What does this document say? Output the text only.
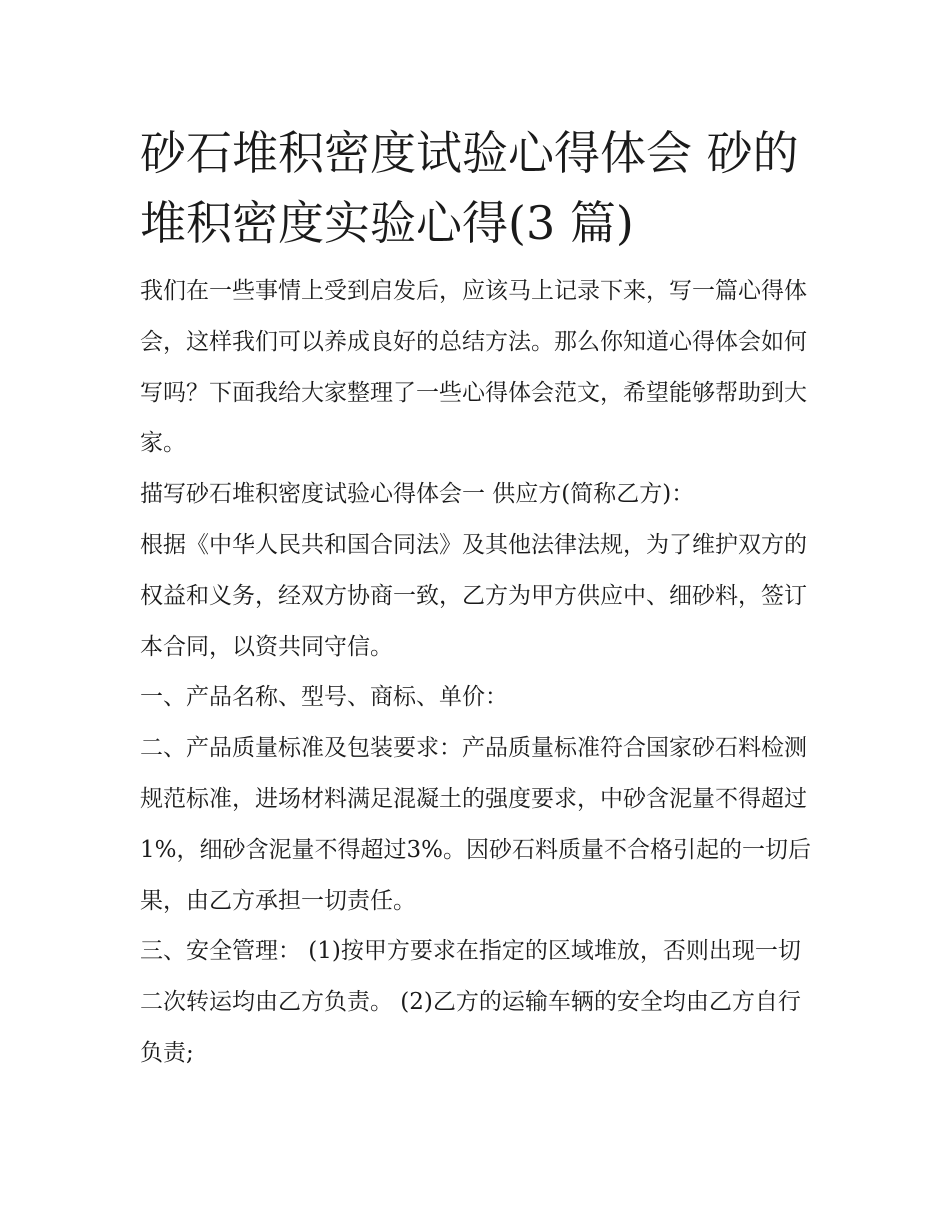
砂石堆积密度试验心得体会 砂的堆积密度实验心得(3 篇)

我们在一些事情上受到启发后，应该马上记录下来，写一篇心得体会，这样我们可以养成良好的总结方法。那么你知道心得体会如何写吗？下面我给大家整理了一些心得体会范文，希望能够帮助到大家。

描写砂石堆积密度试验心得体会一 供应方(简称乙方)：

根据《中华人民共和国合同法》及其他法律法规，为了维护双方的权益和义务，经双方协商一致，乙方为甲方供应中、细砂料，签订本合同，以资共同守信。

一、产品名称、型号、商标、单价：

二、产品质量标准及包装要求：产品质量标准符合国家砂石料检测规范标准，进场材料满足混凝土的强度要求，中砂含泥量不得超过1%，细砂含泥量不得超过3%。因砂石料质量不合格引起的一切后果，由乙方承担一切责任。

三、安全管理： (1)按甲方要求在指定的区域堆放，否则出现一切二次转运均由乙方负责。 (2)乙方的运输车辆的安全均由乙方自行负责;
